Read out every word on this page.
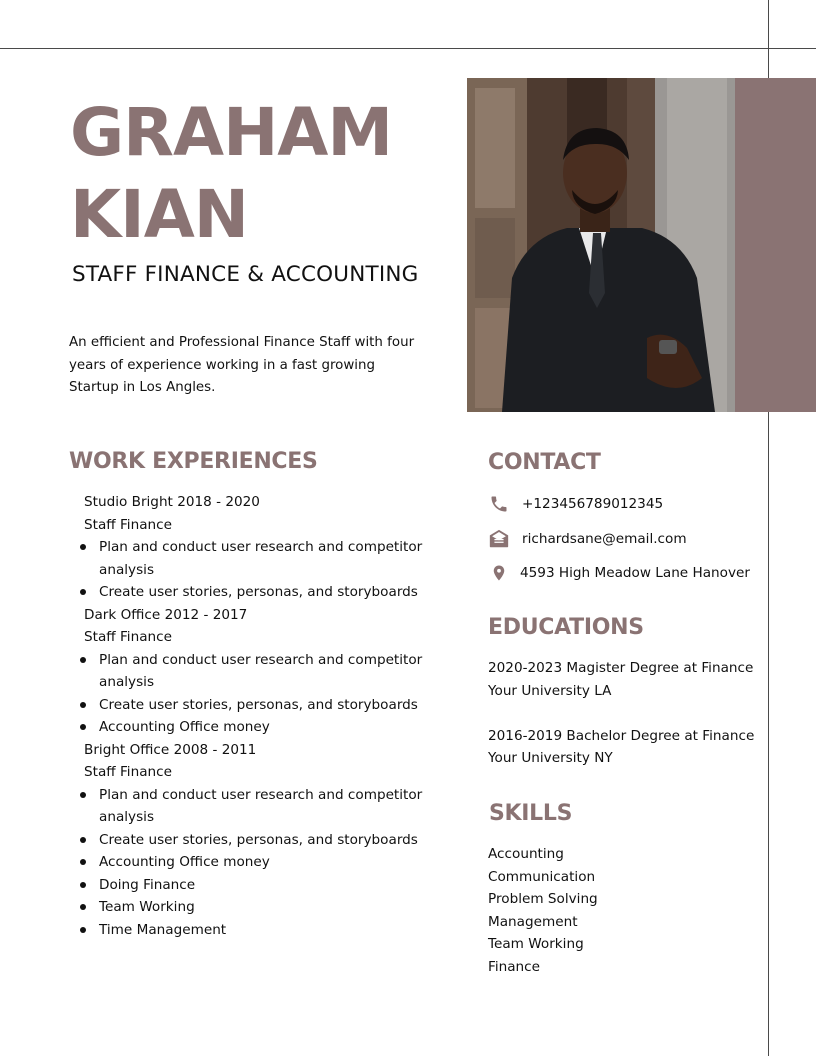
GRAHAM
KIAN
STAFF FINANCE & ACCOUNTING
An efficient and Professional Finance Staff with four years of experience working in a fast growing Startup in Los Angles.
WORK EXPERIENCES
Studio Bright 2018 - 2020
Staff Finance
Plan and conduct user research and competitor analysis
Create user stories, personas, and storyboards
Dark Office 2012 - 2017
Staff Finance
Plan and conduct user research and competitor analysis
Create user stories, personas, and storyboards
Accounting Office money
Bright Office 2008 - 2011
Staff Finance
Plan and conduct user research and competitor analysis
Create user stories, personas, and storyboards
Accounting Office money
Doing Finance
Team Working
Time Management
CONTACT
+123456789012345
richardsane@email.com
4593 High Meadow Lane Hanover
EDUCATIONS
2020-2023 Magister Degree at Finance
Your University LA
2016-2019 Bachelor Degree at Finance
Your University NY
SKILLS
Accounting
Communication
Problem Solving
Management
Team Working
Finance
